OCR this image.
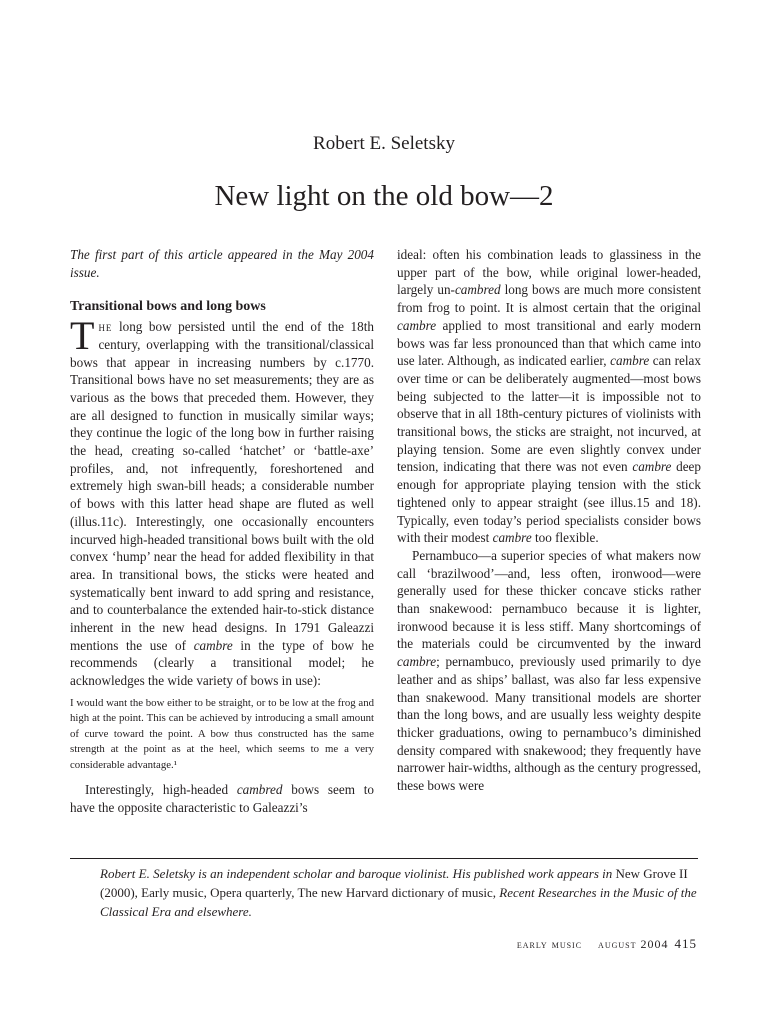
Robert E. Seletsky
New light on the old bow—2

The first part of this article appeared in the May 2004 issue.

Transitional bows and long bows

The long bow persisted until the end of the 18th century, overlapping with the transitional/classical bows that appear in increasing numbers by c.1770. Transitional bows have no set measurements; they are as various as the bows that preceded them. However, they are all designed to function in musically similar ways; they continue the logic of the long bow in further raising the head, creating so-called ‘hatchet’ or ‘battle-axe’ profiles, and, not infrequently, foreshortened and extremely high swan-bill heads; a considerable number of bows with this latter head shape are fluted as well (illus.11c). Interestingly, one occasionally encounters incurved high-headed transitional bows built with the old convex ‘hump’ near the head for added flexibility in that area. In transitional bows, the sticks were heated and systematically bent inward to add spring and resistance, and to counterbalance the extended hair-to-stick distance inherent in the new head designs. In 1791 Galeazzi mentions the use of cambre in the type of bow he recommends (clearly a transitional model; he acknowledges the wide variety of bows in use):

I would want the bow either to be straight, or to be low at the frog and high at the point. This can be achieved by introducing a small amount of curve toward the point. A bow thus constructed has the same strength at the point as at the heel, which seems to me a very considerable advantage.¹

Interestingly, high-headed cambred bows seem to have the opposite characteristic to Galeazzi’s

ideal: often his combination leads to glassiness in the upper part of the bow, while original lower-headed, largely un-cambred long bows are much more consistent from frog to point. It is almost certain that the original cambre applied to most transitional and early modern bows was far less pronounced than that which came into use later. Although, as indicated earlier, cambre can relax over time or can be deliberately augmented—most bows being subjected to the latter—it is impossible not to observe that in all 18th-century pictures of violinists with transitional bows, the sticks are straight, not incurved, at playing tension. Some are even slightly convex under tension, indicating that there was not even cambre deep enough for appropriate playing tension with the stick tightened only to appear straight (see illus.15 and 18). Typically, even today’s period specialists consider bows with their modest cambre too flexible.

Pernambuco—a superior species of what makers now call ‘brazilwood’—and, less often, ironwood—were generally used for these thicker concave sticks rather than snakewood: pernambuco because it is lighter, ironwood because it is less stiff. Many shortcomings of the materials could be circumvented by the inward cambre; pernambuco, previously used primarily to dye leather and as ships’ ballast, was also far less expensive than snakewood. Many transitional models are shorter than the long bows, and are usually less weighty despite thicker graduations, owing to pernambuco’s diminished density compared with snakewood; they frequently have narrower hair-widths, although as the century progressed, these bows were

Robert E. Seletsky is an independent scholar and baroque violinist. His published work appears in New Grove II (2000), Early music, Opera quarterly, The new Harvard dictionary of music, Recent Researches in the Music of the Classical Era and elsewhere.
early music august 2004 415
